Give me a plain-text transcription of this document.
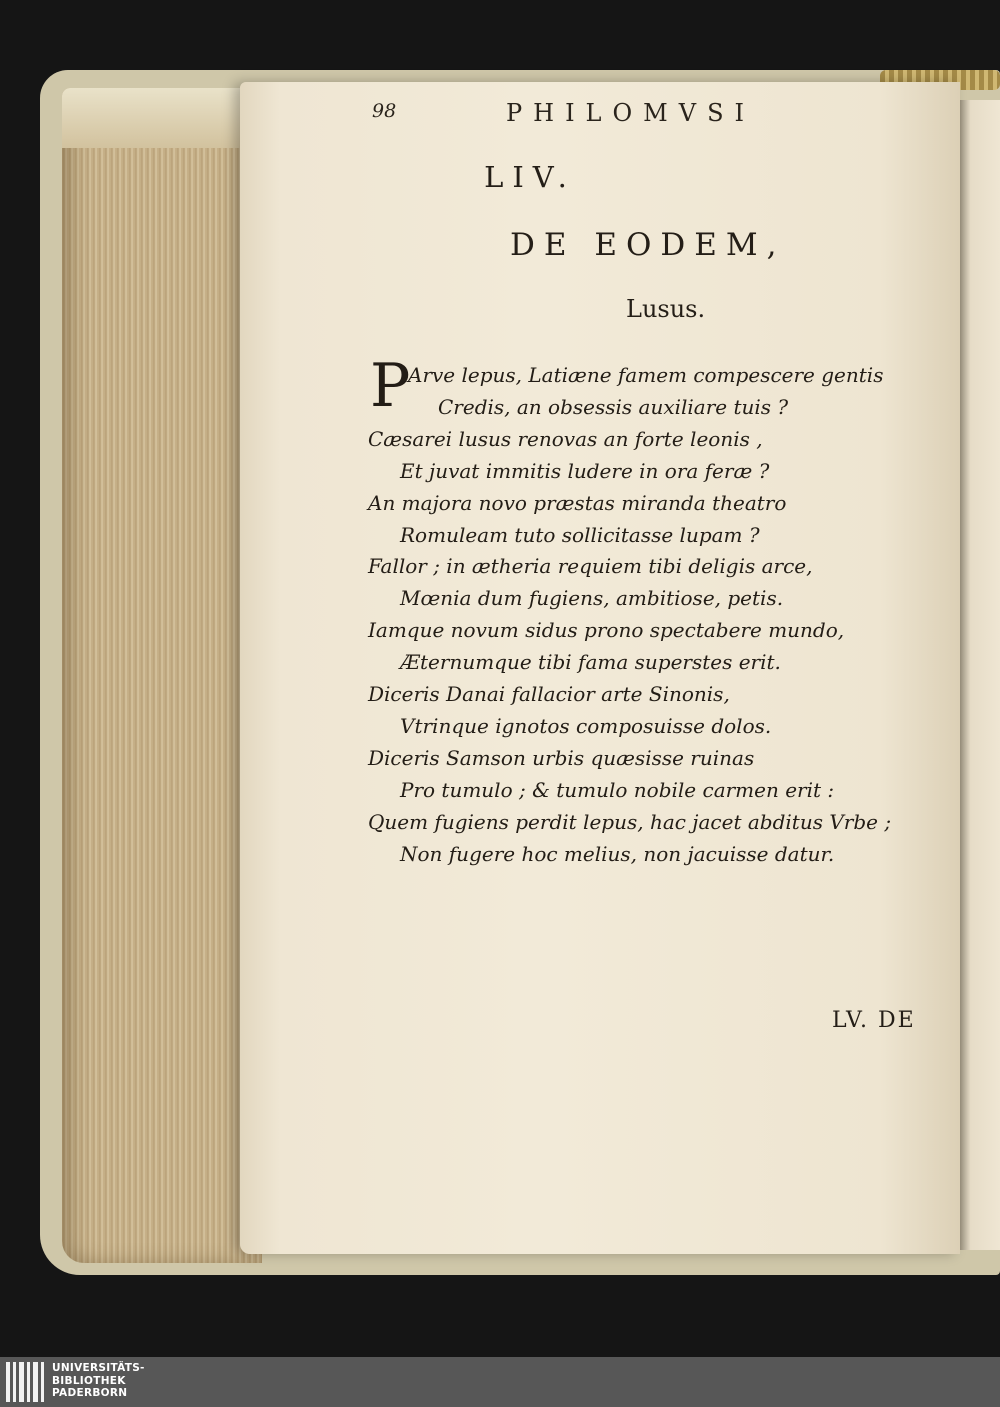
98	PHILOMVSI
LIV.
DE EODEM,
Lusus.
P
Arve lepus, Latiæne famem compescere gentis
Credis, an obsessis auxiliare tuis ?
Cæsarei lusus renovas an forte leonis ,
Et juvat immitis ludere in ora feræ ?
An majora novo præstas miranda theatro
Romuleam tuto sollicitasse lupam ?
Fallor ; in ætheria requiem tibi deligis arce,
Mœnia dum fugiens, ambitiose, petis.
Iamque novum sidus prono spectabere mundo,
Æternumque tibi fama superstes erit.
Diceris Danai fallacior arte Sinonis,
Vtrinque ignotos composuisse dolos.
Diceris Samson urbis quæsisse ruinas
Pro tumulo ; & tumulo nobile carmen erit :
Quem fugiens perdit lepus, hac jacet abditus Vrbe ;
Non fugere hoc melius, non jacuisse datur.
LV. DE
UNIVERSITÄTS-
BIBLIOTHEK
PADERBORN
